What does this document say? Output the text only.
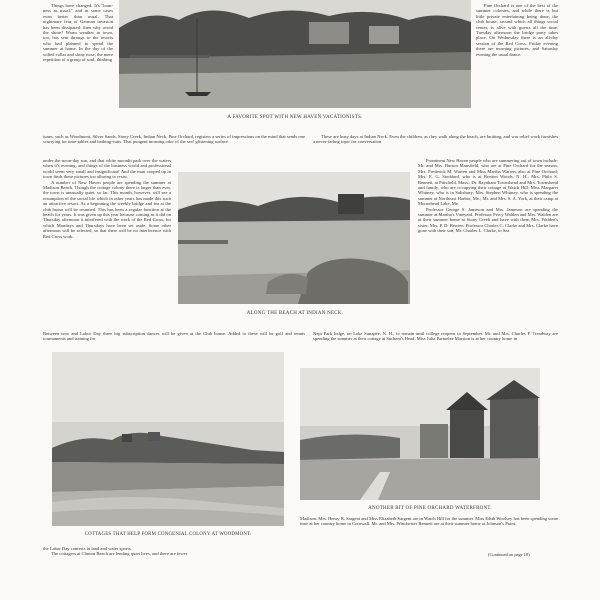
Things have changed. It's "hom-ness as usual," and in some cases even better than usual. That nightmare fear of German invasion has been dissipated: then why avoid the shore? Warm weather in town, too, has sent throngs to the resorts who had planned to spend the summer at home. In the day of the wilted collar and shiny nose, the mere repetition of a group of soul, thinking

A FAVORITE SPOT WITH NEW HAVEN VACATIONISTS.

Pine Orchard is one of the best of the summer colonies, and while there is but little private entertaining being done, the club house, around which all things social center, is alive with guests all the time. Tuesday afternoon the bridge party takes place. On Wednesday there is an all-day session of the Red Cross. Friday evening there are morning pictures, and Saturday evening the usual dance.

tunes, such as Woodmont, Silver Sands, Stony Creek, Indian Neck, Pine Orchard, registers a series of impressions on the mind that sends one scurrying for time-tables and bathing-suits. That pungent morning odor of the sea! glistening surface

These are busy days at Indian Neck. Even the children, as they walk along the beach, are knitting, and war relief work furnishes a never-failing topic for conversation.

under the noon-day sun, and that white moonlit path over the waters when it's evening, and things of the business world and professional world seem very small and insignificant! And the man cooped up in town finds these pictures too alluring to resist.

A number of New Haven people are spending the summer at Madison Beach. Though the cottage colony there is larger than ever, the town is unusually quiet, so far. This month, however, will see a resumption of the social life which in other years has made this such an attractive resort. As a beginning the weekly bridge and tea at the club house will be resumed. This has been a regular function at the beach for years. It was given up this year because coming as it did on Thursday afternoon it interfered with the work of the Red Cross, for which Mondays and Thursdays have been set aside. Some other afternoon will be selected, so that there will be no interference with Red Cross work.

ALONG THE BEACH AT INDIAN NECK.

Prominent New Haven people who are summering out of town include: Mr. and Mrs. Burton Mansfield, who are at Pine Orchard for the season; Mrs. Frederick M. Warren and Miss Martha Warren, also at Pine Orchard; Mrs. E. G. Stoddard, who is at Bretton Woods, N. H.; Mrs. Philo S. Bennett, at Pittsfield, Mass.; Dr. Raynham Townshend and Mrs. Townshend and family, who are occupying their cottage at Watch Hill; Miss Margaret Whitney, who is in Salisbury; Mrs. Stephen Whitney, who is spending the summer at Northeast Harbor, Me.; Mr. and Mrs. S. A. York, at their camp at Moosehead Lake, Me.

Professor George S. Jameson and Mrs. Jameson are spending the summer at Martha's Vineyard. Professor Percy Walden and Mrs. Walden are at their summer home at Stony Creek and have with them Mrs. Walden's sister, Mrs. F. D. Berrien. Professor Charles C. Clarke and Mrs. Clarke have gone with their son, Mr. Charles L. Clarke, to Sea

Between now and Labor Day three big subscription dances will be given at the Club house. Added to these will be golf and tennis tournaments and training for

Nepi Park lodge, on Lake Sunapee, N. H., to remain until college reopens in September. Mr. and Mrs. Charles F. Treadway are spending the summer at their cottage at Sachem's Head. Miss Julia Parmelee Marston is at her country home in

COTTAGES THAT HELP FORM CONGENIAL COLONY AT WOODMONT.
ANOTHER BIT OF PINE ORCHARD WATERFRONT.

the Labor Day contests in land and water sports.

The cottagers at Clinton Beach are lending quiet lives, and there are fewer

Madison. Mrs. Henry B. Sargent and Miss Elizabeth Sargent are in Watch Hill for the summer. Miss Edith Woolsey has been spending some time at her country home in Cornwall. Mr. and Mrs. Winchester Bennett are at their summer home at Johnson's Point.

(Continued on page 18)
